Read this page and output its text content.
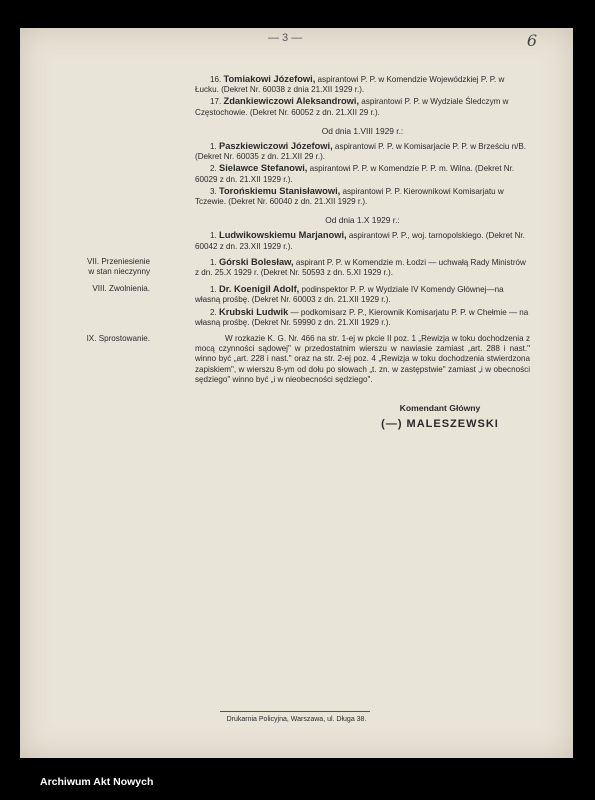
— 3 —	6
16. Tomiakowi Józefowi, aspirantowi P. P. w Komendzie Wojewódzkiej P. P. w Łucku. (Dekret Nr. 60038 z dnia 21.XII 1929 r.).
17. Zdankiewiczowi Aleksandrowi, aspirantowi P. P. w Wydziale Śledczym w Częstochowie. (Dekret Nr. 60052 z dn. 21.XII 29 r.).
Od dnia 1.VIII 1929 r.:
1. Paszkiewiczowi Józefowi, aspirantowi P. P. w Komisarjacie P. P. w Brześciu n/B. (Dekret Nr. 60035 z dn. 21.XII 29 r.).
2. Sielawce Stefanowi, aspirantowi P. P. w Komendzie P. P. m. Wilna. (Dekret Nr. 60029 z dn. 21.XII 1929 r.).
3. Torońskiemu Stanisławowi, aspirantowi P. P. Kierownikowi Komisarjatu w Tczewie. (Dekret Nr. 60040 z dn. 21.XII 1929 r.).
Od dnia 1.X 1929 r.:
1. Ludwikowskiemu Marjanowi, aspirantowi P. P., woj. tarnopolskiego. (Dekret Nr. 60042 z dn. 23.XII 1929 r.).
VII. Przeniesienie
w stan nieczynny
1. Górski Bolesław, aspirant P. P. w Komendzie m. Łodzi — uchwałą Rady Ministrów z dn. 25.X 1929 r. (Dekret Nr. 50593 z dn. 5.XI 1929 r.).
VIII. Zwolnienia.	1. Dr. Koenigil Adolf, podinspektor P. P. w Wydziale IV Komendy Głównej—na własną prośbę. (Dekret Nr. 60003 z dn. 21.XII 1929 r.).
2. Krubski Ludwik — podkomisarz P. P., Kierownik Komisarjatu P. P. w Chełmie — na własną prośbę. (Dekret Nr. 59990 z dn. 21.XII 1929 r.).
IX. Sprostowanie.	W rozkazie K. G. Nr. 466 na str. 1-ej w pkcie II poz. 1 „Rewizja w toku dochodzenia z mocą czynności sądowej" w przedostatnim wierszu w nawiasie zamiast „art. 288 i nast." winno być „art. 228 i nast." oraz na str. 2-ej poz. 4 „Rewizja w toku dochodzenia stwierdzona zapiskiem", w wierszu 8-ym od dołu po słowach „t. zn. w zastępstwie" zamiast „i w obecności sędziego" winno być „i w nieobecności sędziego".
Komendant Główny
(—) MALESZEWSKI
Drukarnia Policyjna, Warszawa, ul. Długa 38.
Archiwum Akt Nowych
